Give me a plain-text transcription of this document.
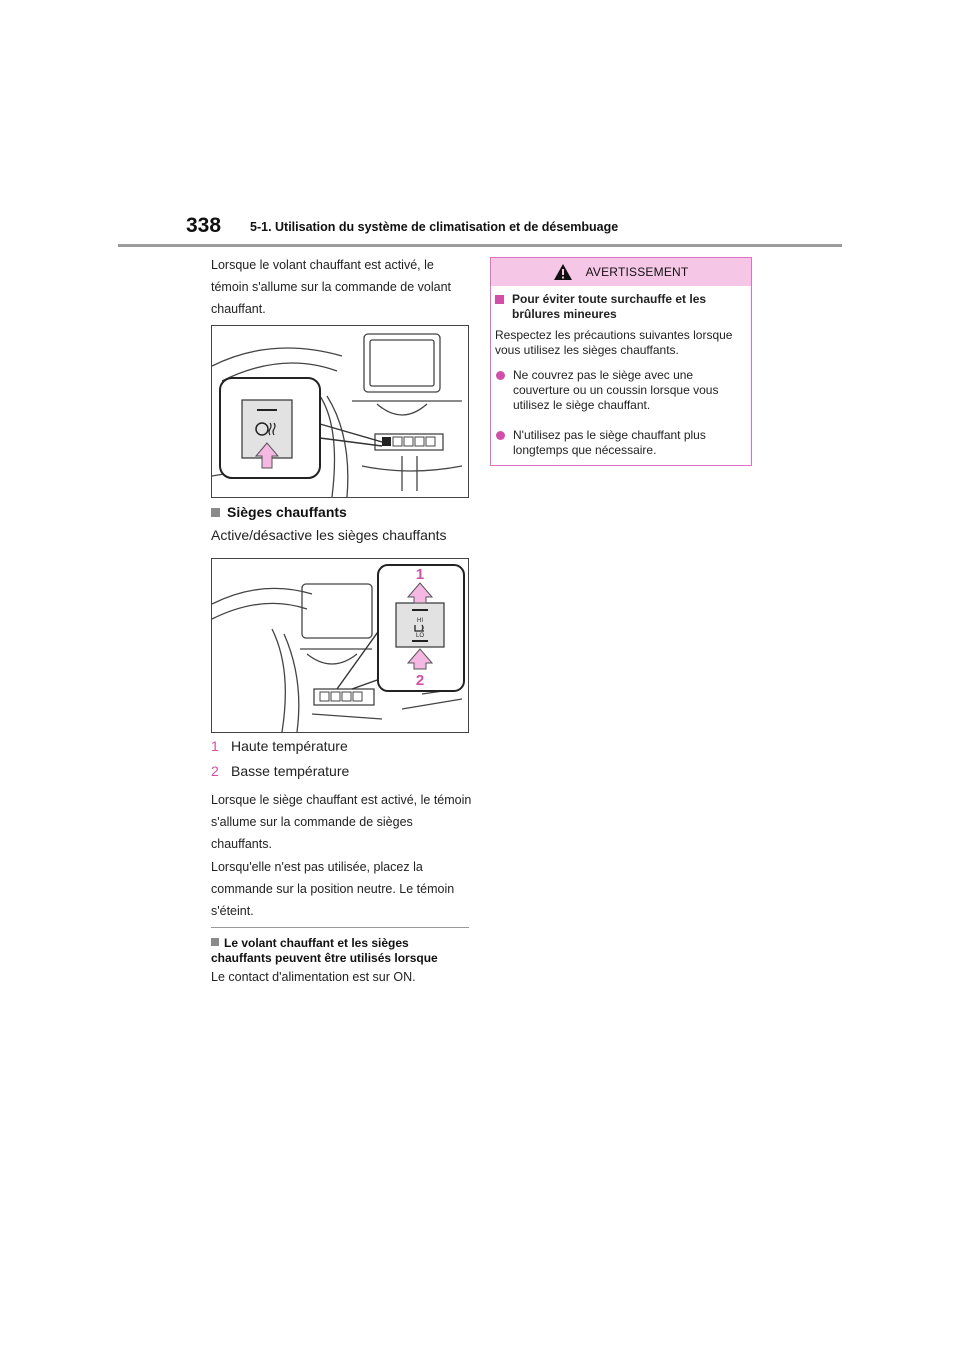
338 5-1. Utilisation du système de climatisation et de désembuage

Lorsque le volant chauffant est activé, le témoin s'allume sur la commande de volant chauffant.

Sièges chauffants
Active/désactive les sièges chauffants
HI
LO
1
2
1 Haute température
2 Basse température

Lorsque le siège chauffant est activé, le témoin s'allume sur la commande de sièges chauffants.

Lorsqu'elle n'est pas utilisée, placez la commande sur la position neutre. Le témoin s'éteint.

Le volant chauffant et les sièges chauffants peuvent être utilisés lorsque
Le contact d'alimentation est sur ON.
AVERTISSEMENT
Pour éviter toute surchauffe et les brûlures mineures
Respectez les précautions suivantes lorsque vous utilisez les sièges chauffants.
Ne couvrez pas le siège avec une couverture ou un coussin lorsque vous utilisez le siège chauffant.
N'utilisez pas le siège chauffant plus longtemps que nécessaire.
